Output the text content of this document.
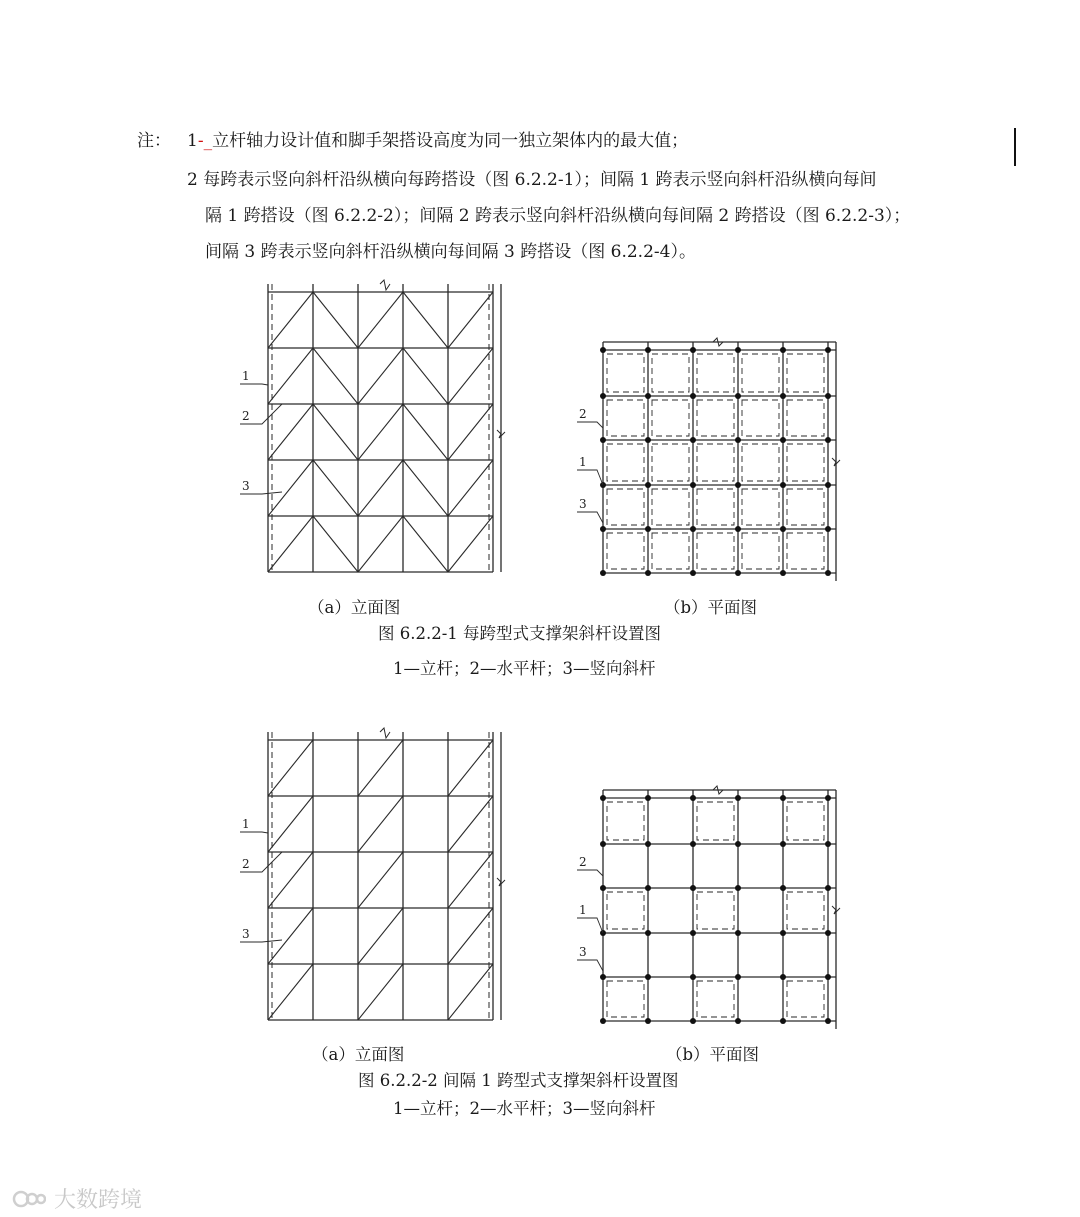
注： 1-_立杆轴力设计值和脚手架搭设高度为同一独立架体内的最大值；
2 每跨表示竖向斜杆沿纵横向每跨搭设（图 6.2.2-1）；间隔 1 跨表示竖向斜杆沿纵横向每间
隔 1 跨搭设（图 6.2.2-2）；间隔 2 跨表示竖向斜杆沿纵横向每间隔 2 跨搭设（图 6.2.2-3）；
间隔 3 跨表示竖向斜杆沿纵横向每间隔 3 跨搭设（图 6.2.2-4）。
1
2
3
2
1
3
（a）立面图	（b）平面图
图 6.2.2-1 每跨型式支撑架斜杆设置图
1—立杆；2—水平杆；3—竖向斜杆
1
2
3
2
1
3
（a）立面图	（b）平面图
图 6.2.2-2 间隔 1 跨型式支撑架斜杆设置图
1—立杆；2—水平杆；3—竖向斜杆
大数跨境
